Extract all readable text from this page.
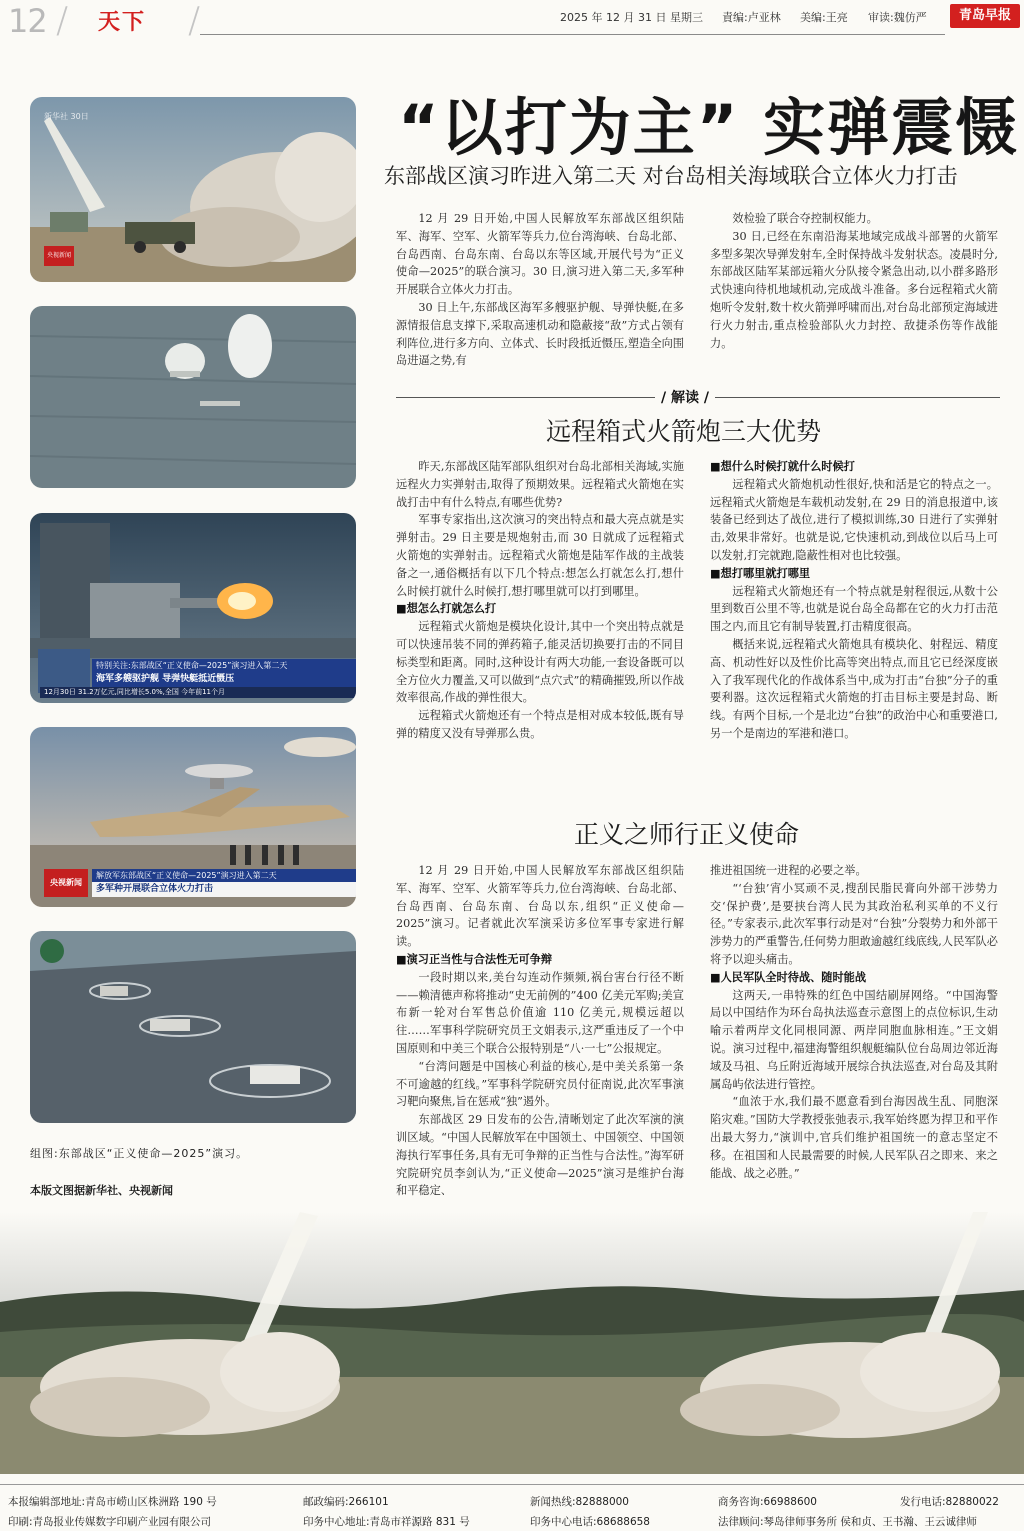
12 / 天下 /	2025 年 12 月 31 日 星期三 責编:卢亚林 美编:王亮 审读:魏仿严	青岛早报
新华社 30日
央视新闻
特别关注:东部战区“正义使命—2025”演习进入第二天
海军多艘驱护舰 导弹快艇抵近慑压
12月30日 31.2万亿元,同比增长5.0%,全国 今年前11个月
央视新闻
解放军东部战区“正义使命—2025”演习进入第二天
多军种开展联合立体火力打击
组图:东部战区“正义使命—2025”演习。
本版文图据新华社、央视新闻
“以打为主” 实弹震慑
东部战区演习昨进入第二天 对台岛相关海域联合立体火力打击

12 月 29 日开始,中国人民解放军东部战区组织陆军、海军、空军、火箭军等兵力,位台湾海峡、台岛北部、台岛西南、台岛东南、台岛以东等区域,开展代号为“正义使命—2025”的联合演习。30 日,演习进入第二天,多军种开展联合立体火力打击。

30 日上午,东部战区海军多艘驱护舰、导弹快艇,在多源情报信息支撑下,采取高速机动和隐蔽接“敌”方式占领有利阵位,进行多方向、立体式、长时段抵近慑压,塑造全向围岛进逼之势,有

效检验了联合夺控制权能力。

30 日,已经在东南沿海某地域完成战斗部署的火箭军多型多架次导弹发射车,全时保持战斗发射状态。凌晨时分,东部战区陆军某部远箱火分队接令紧急出动,以小群多路形式快速向待机地域机动,完成战斗准备。多台远程箱式火箭炮听令发射,数十枚火箭弹呼啸而出,对台岛北部预定海域进行火力射击,重点检验部队火力封控、敌捷杀伤等作战能力。

/ 解读 /
远程箱式火箭炮三大优势

昨天,东部战区陆军部队组织对台岛北部相关海域,实施远程火力实弹射击,取得了预期效果。远程箱式火箭炮在实战打击中有什么特点,有哪些优势?

军事专家指出,这次演习的突出特点和最大亮点就是实弹射击。29 日主要是规炮射击,而 30 日就成了远程箱式火箭炮的实弹射击。远程箱式火箭炮是陆军作战的主战装备之一,通俗概括有以下几个特点:想怎么打就怎么打,想什么时候打就什么时候打,想打哪里就可以打到哪里。

■想怎么打就怎么打

远程箱式火箭炮是模块化设计,其中一个突出特点就是可以快速吊装不同的弹药箱子,能灵活切换要打击的不同目标类型和距离。同时,这种设计有两大功能,一套设备既可以全方位火力覆盖,又可以做到“点穴式”的精确摧毁,所以作战效率很高,作战的弹性很大。

远程箱式火箭炮还有一个特点是相对成本较低,既有导弹的精度又没有导弹那么贵。

■想什么时候打就什么时候打

远程箱式火箭炮机动性很好,快和活是它的特点之一。远程箱式火箭炮是车载机动发射,在 29 日的消息报道中,该装备已经到达了战位,进行了模拟训练,30 日进行了实弹射击,效果非常好。也就是说,它快速机动,到战位以后马上可以发射,打完就跑,隐蔽性相对也比较强。

■想打哪里就打哪里

远程箱式火箭炮还有一个特点就是射程很远,从数十公里到数百公里不等,也就是说台岛全岛都在它的火力打击范围之内,而且它有制导装置,打击精度很高。

概括来说,远程箱式火箭炮具有模块化、射程远、精度高、机动性好以及性价比高等突出特点,而且它已经深度嵌入了我军现代化的作战体系当中,成为打击“台独”分子的重要利器。这次远程箱式火箭炮的打击目标主要是封岛、断线。有两个目标,一个是北边“台独”的政治中心和重要港口,另一个是南边的军港和港口。

正义之师行正义使命

12 月 29 日开始,中国人民解放军东部战区组织陆军、海军、空军、火箭军等兵力,位台湾海峡、台岛北部、台岛西南、台岛东南、台岛以东,组织“正义使命—2025”演习。记者就此次军演采访多位军事专家进行解读。

■演习正当性与合法性无可争辩

一段时期以来,美台勾连动作频频,祸台害台行径不断——赖清德声称将推动“史无前例的”400 亿美元军购;美宣布新一轮对台军售总价值逾 110 亿美元,规模远超以往……军事科学院研究员王文娟表示,这严重违反了一个中国原则和中美三个联合公报特别是“八·一七”公报规定。

“台湾问题是中国核心利益的核心,是中美关系第一条不可逾越的红线。”军事科学院研究员付征南说,此次军事演习靶向聚焦,旨在惩戒“独”遏外。

东部战区 29 日发布的公告,清晰划定了此次军演的演训区域。“中国人民解放军在中国领土、中国领空、中国领海执行军事任务,具有无可争辩的正当性与合法性。”海军研究院研究员李剑认为,“正义使命—2025”演习是维护台海和平稳定、

推进祖国统一进程的必要之举。

“‘台独’宵小冥顽不灵,搜刮民脂民膏向外部干涉势力交‘保护费’,是要挟台湾人民为其政治私利买单的不义行径。”专家表示,此次军事行动是对“台独”分裂势力和外部干涉势力的严重警告,任何势力胆敢逾越红线底线,人民军队必将予以迎头痛击。

■人民军队全时待战、随时能战

这两天,一串特殊的红色中国结刷屏网络。“中国海警局以中国结作为环台岛执法巡查示意图上的点位标识,生动喻示着两岸文化同根同源、两岸同胞血脉相连。”王文娟说。演习过程中,福建海警组织舰艇编队位台岛周边邻近海域及马祖、乌丘附近海域开展综合执法巡查,对台岛及其附属岛屿依法进行管控。

“血浓于水,我们最不愿意看到台海因战生乱、同胞深陷灾难。”国防大学教授张弛表示,我军始终愿为捍卫和平作出最大努力,“演训中,官兵们维护祖国统一的意志坚定不移。在祖国和人民最需要的时候,人民军队召之即来、来之能战、战之必胜。”

本报编辑部地址:青岛市崂山区株洲路 190 号	邮政编码:266101	新闻热线:82888000	商务咨询:66988600	发行电话:82880022
印刷:青岛报业传媒数字印刷产业园有限公司	印务中心地址:青岛市祥源路 831 号	印务中心电话:68688658	法律顾问:琴岛律师事务所 侯和贞、王书瀚、王云诚律师
